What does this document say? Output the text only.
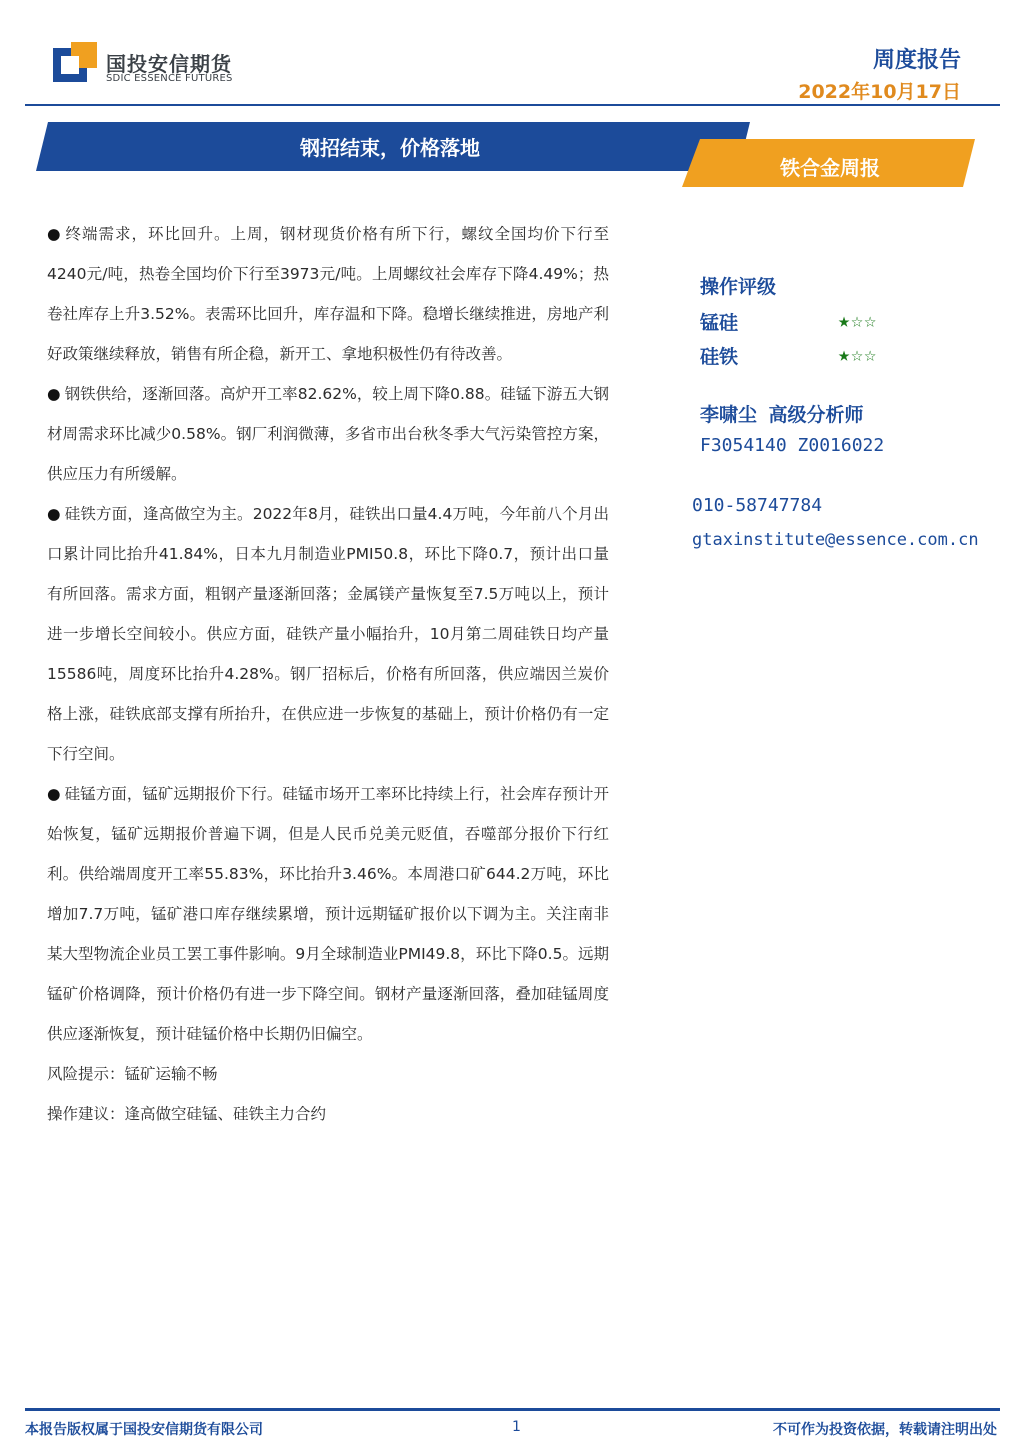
国投安信期货
SDIC ESSENCE FUTURES
周度报告
2022年10月17日
钢招结束，价格落地
铁合金周报

● 终端需求，环比回升。上周，钢材现货价格有所下行，螺纹全国均价下行至4240元/吨，热卷全国均价下行至3973元/吨。上周螺纹社会库存下降4.49%；热卷社库存上升3.52%。表需环比回升，库存温和下降。稳增长继续推进，房地产利好政策继续释放，销售有所企稳，新开工、拿地积极性仍有待改善。

● 钢铁供给，逐渐回落。高炉开工率82.62%，较上周下降0.88。硅锰下游五大钢材周需求环比减少0.58%。钢厂利润微薄，多省市出台秋冬季大气污染管控方案，供应压力有所缓解。

● 硅铁方面，逢高做空为主。2022年8月，硅铁出口量4.4万吨，今年前八个月出口累计同比抬升41.84%，日本九月制造业PMI50.8，环比下降0.7，预计出口量有所回落。需求方面，粗钢产量逐渐回落；金属镁产量恢复至7.5万吨以上，预计进一步增长空间较小。供应方面，硅铁产量小幅抬升，10月第二周硅铁日均产量15586吨，周度环比抬升4.28%。钢厂招标后，价格有所回落，供应端因兰炭价格上涨，硅铁底部支撑有所抬升，在供应进一步恢复的基础上，预计价格仍有一定下行空间。

● 硅锰方面，锰矿远期报价下行。硅锰市场开工率环比持续上行，社会库存预计开始恢复，锰矿远期报价普遍下调，但是人民币兑美元贬值，吞噬部分报价下行红利。供给端周度开工率55.83%，环比抬升3.46%。本周港口矿644.2万吨，环比增加7.7万吨，锰矿港口库存继续累增，预计远期锰矿报价以下调为主。关注南非某大型物流企业员工罢工事件影响。9月全球制造业PMI49.8，环比下降0.5。远期锰矿价格调降，预计价格仍有进一步下降空间。钢材产量逐渐回落，叠加硅锰周度供应逐渐恢复，预计硅锰价格中长期仍旧偏空。

风险提示：锰矿运输不畅

操作建议：逢高做空硅锰、硅铁主力合约

操作评级
锰硅	★☆☆
硅铁	★☆☆
李啸尘 高级分析师
F3054140 Z0016022
010-58747784
gtaxinstitute@essence.com.cn
本报告版权属于国投安信期货有限公司	1	不可作为投资依据，转载请注明出处
